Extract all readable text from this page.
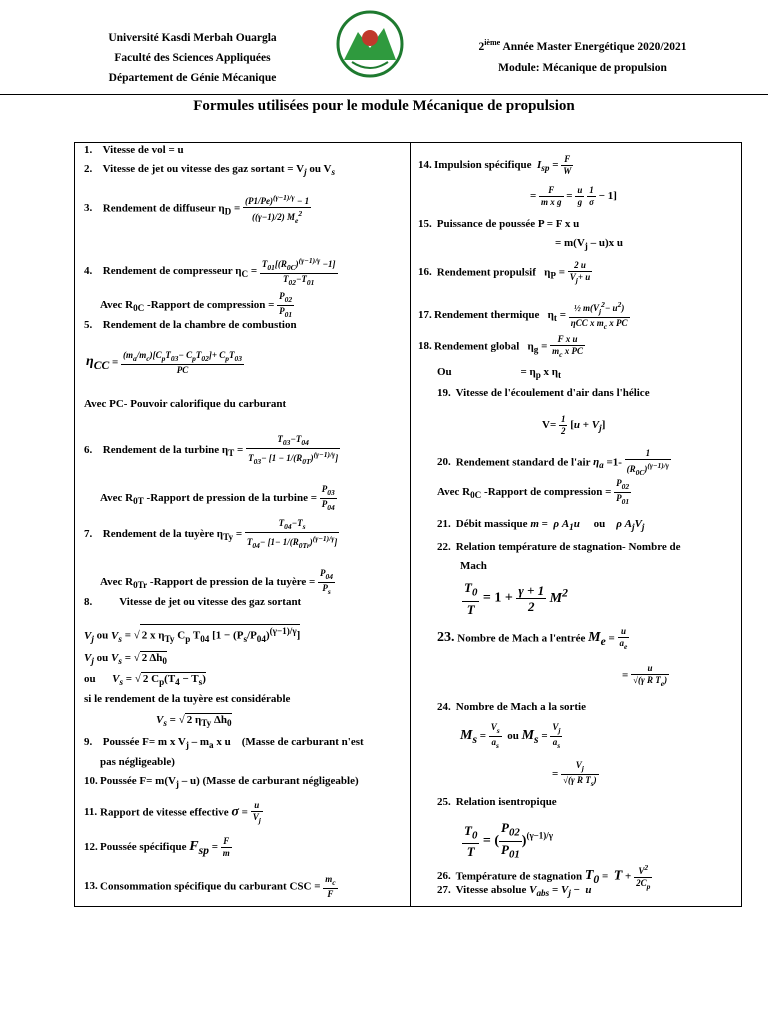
Université Kasdi Merbah Ouargla
Faculté des Sciences Appliquées
Département de Génie Mécanique
2ième Année Master Energétique 2020/2021
Module: Mécanique de propulsion
Formules utilisées pour le module Mécanique de propulsion
1. Vitesse de vol = u
2. Vitesse de jet ou vitesse des gaz $sortant = V_j$ ou $V_s$
3. Rendement de diffuseur $\eta_D = \frac{(P1/Pe)^{(\gamma-1)/\gamma} - 1}{((\gamma-1)/2) M_e^2}$
4. Rendement de compresseur $\eta_C = \frac{T_{01}[(R_{0C})^{(\gamma-1)/\gamma} -1]}{T_{02}-T_{01}}$
Avec $R_{0C}$ -Rapport de compression = $\frac{P_{02}}{P_{01}}$
5. Rendement de la chambre de combustion
$\eta_{CC}$ =
$(m_a/m_c)[C_pT_{03}- C_pT_{02}]+ C_pT_{03}$
PC
Avec PC- Pouvoir calorifique du carburant
6. Rendement de la turbine $\eta_T = \frac{T_{03}-T_{04}}{T_{03}- [1 - 1/(R_{0T})^{(\gamma-1)/\gamma}]}$
Avec $R_{0T}$ -Rapport de pression de la turbine = $\frac{P_{03}}{P_{04}}$
7. Rendement de la tuyère $\eta_{Ty} = \frac{T_{04}-T_s}{T_{04}- [1- 1/(R_{0Tr})^{(\gamma-1)/\gamma}]}$
Avec $R_{0Tr}$ -Rapport de pression de la tuyère = $\frac{P_{04}}{P_s}$
8. Vitesse de jet ou vitesse des gaz sortant
$V_j$ ou $V_s$ = √ 2 x $\eta_{Ty}$ $C_p$ $T_{04}$ $[1 - (P_s/P_{04})^{(\gamma-1)/\gamma}]$
$V_j$ ou $V_s$ = √ 2 $\Delta h_0$
ou $V_s$ = √ 2 $C_p(T_4 - T_s)$
si le rendement de la tuyère est considérable
$V_s$ = √ 2 $\eta_{Ty}$ $\Delta h_0$
9. Poussée F= m x $V_j - m_a$ x u (Masse de carburant n'est
pas négligeable)
10. Poussée $F= m(V_j - u)$ (Masse de carburant négligeable)
11. Rapport de vitesse effective $\sigma = \frac{u}{V_j}$
12. Poussée spécifique $F_{sp} = \frac{F}{m}$
13. Consommation spécifique du carburant CSC = $\frac{m_c}{F}$
14. Impulsion spécifique $I_{sp} = \frac{F}{W}$
= $\frac{F}{\text{m x g}} = \frac{u}{g}$
$\frac{1}{\sigma} - 1$]
15. Puissance de poussée P = F x u
= $m(V_j - u)x$ u
16. Rendement propulsif   $\eta_P = \frac{2 u}{V_j+ u}$
17. Rendement thermique   $\eta_t$ =
½ $m(V_j^2- u^2)$
ηCC x $m_c$ x PC
18. Rendement global   $\eta_g = \frac{\text{F x u}}{m_c x PC}$
Ou	= $\eta_p$ x $\eta_t$
19. Vitesse de l'écoulement d'air dans l'hélice
$V= \frac{1}{2} [u + V_j]$
20. Rendement standard de l'air $\eta_a =1- \frac{1}{(R_{0C})^{(\gamma-1)/\gamma}}$
Avec $R_{0C}$ -Rapport de compression = $\frac{P_{02}}{P_{01}}$
21. Débit massique m =  ρ $A_1u$ ou ρ $A_jV_j$
22. Relation température de stagnation- Nombre de
Mach
$\frac{T_0}{T} = 1 + \frac{\gamma + 1}{2} M^2$
23. Nombre de Mach a l'entrée $M_e = \frac{u}{a_e}$
= $\frac{u}{√(\gamma R T_e)}$
24. Nombre de Mach a la sortie
$M_s = \frac{V_s}{a_s}$ ou $M_s = \frac{V_j}{a_s}$
= $\frac{V_j}{√(\gamma R T_s)}$
25. Relation isentropique
$\frac{T_0}{T}$ = ( $\frac{P_{02}}{P_{01}} )^{(\gamma-1)/\gamma}$
26. Température de stagnation $T_0 = T + \frac{V^2}{2C_p}$
27. Vitesse absolue $V_{abs} = V_j - u$
